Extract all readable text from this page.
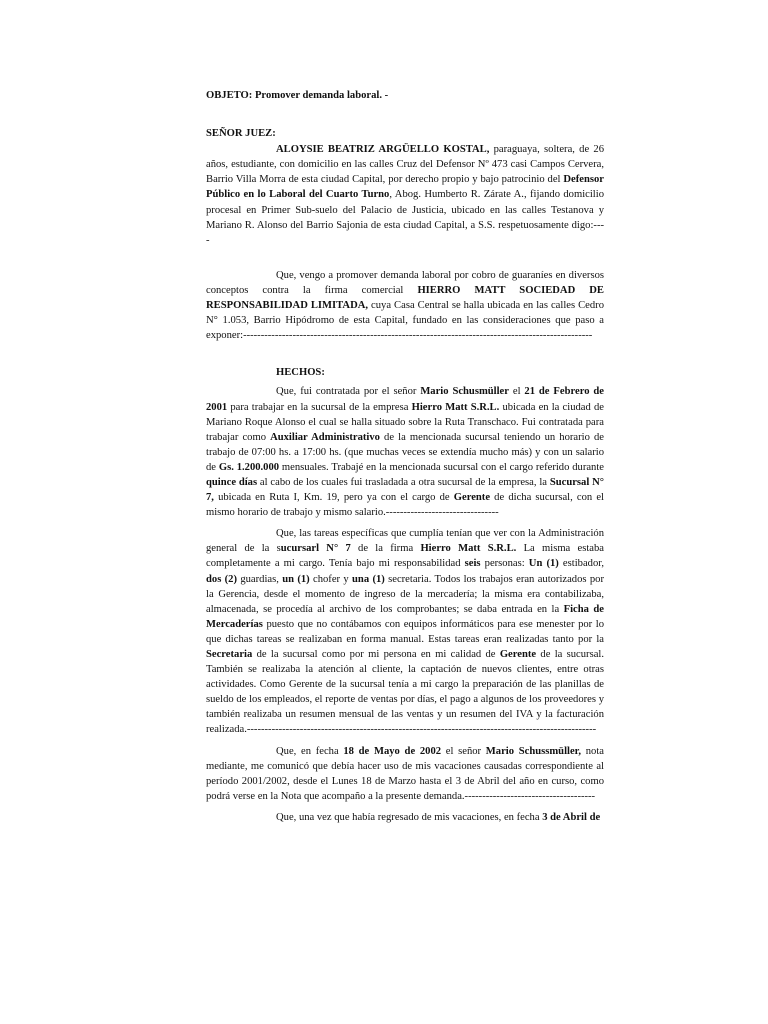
OBJETO: Promover demanda laboral. -

SEÑOR JUEZ:

ALOYSIE BEATRIZ ARGÜELLO KOSTAL, paraguaya, soltera, de 26 años, estudiante, con domicilio en las calles Cruz del Defensor Nº 473 casi Campos Cervera, Barrio Villa Morra de esta ciudad Capital, por derecho propio y bajo patrocinio del Defensor Público en lo Laboral del Cuarto Turno, Abog. Humberto R. Zárate A., fijando domicilio procesal en Primer Sub-suelo del Palacio de Justicia, ubicado en las calles Testanova y Mariano R. Alonso del Barrio Sajonia de esta ciudad Capital, a S.S. respetuosamente digo:----

Que, vengo a promover demanda laboral por cobro de guaraníes en diversos conceptos contra la firma comercial HIERRO MATT SOCIEDAD DE RESPONSABILIDAD LIMITADA, cuya Casa Central se halla ubicada en las calles Cedro N° 1.053, Barrio Hipódromo de esta Capital, fundado en las consideraciones que paso a exponer:---------------------------------------------------------------------------------------------------

HECHOS:

Que, fui contratada por el señor Mario Schusmüller el 21 de Febrero de 2001 para trabajar en la sucursal de la empresa Hierro Matt S.R.L. ubicada en la ciudad de Mariano Roque Alonso el cual se halla situado sobre la Ruta Transchaco. Fui contratada para trabajar como Auxiliar Administrativo de la mencionada sucursal teniendo un horario de trabajo de 07:00 hs. a 17:00 hs. (que muchas veces se extendía mucho más) y con un salario de Gs. 1.200.000 mensuales. Trabajé en la mencionada sucursal con el cargo referido durante quince días al cabo de los cuales fui trasladada a otra sucursal de la empresa, la Sucursal N° 7, ubicada en Ruta I, Km. 19, pero ya con el cargo de Gerente de dicha sucursal, con el mismo horario de trabajo y mismo salario.--------------------------------

Que, las tareas específicas que cumplía tenían que ver con la Administración general de la sucursarl N° 7 de la firma Hierro Matt S.R.L. La misma estaba completamente a mi cargo. Tenía bajo mi responsabilidad seis personas: Un (1) estibador, dos (2) guardias, un (1) chofer y una (1) secretaria. Todos los trabajos eran autorizados por la Gerencia, desde el momento de ingreso de la mercadería; la misma era contabilizaba, almacenada, se procedía al archivo de los comprobantes; se daba entrada en la Ficha de Mercaderías puesto que no contábamos con equipos informáticos para ese menester por lo que dichas tareas se realizaban en forma manual. Estas tareas eran realizadas tanto por la Secretaria de la sucursal como por mi persona en mi calidad de Gerente de la sucursal. También se realizaba la atención al cliente, la captación de nuevos clientes, entre otras actividades. Como Gerente de la sucursal tenía a mi cargo la preparación de las planillas de sueldo de los empleados, el reporte de ventas por días, el pago a algunos de los proveedores y también realizaba un resumen mensual de las ventas y un resumen del IVA y la facturación realizada.---------------------------------------------------------------------------------------------------

Que, en fecha 18 de Mayo de 2002 el señor Mario Schussmüller, nota mediante, me comunicó que debía hacer uso de mis vacaciones causadas correspondiente al período 2001/2002, desde el Lunes 18 de Marzo hasta el 3 de Abril del año en curso, como podrá verse en la Nota que acompaño a la presente demanda.-------------------------------------

Que, una vez que había regresado de mis vacaciones, en fecha 3 de Abril de
